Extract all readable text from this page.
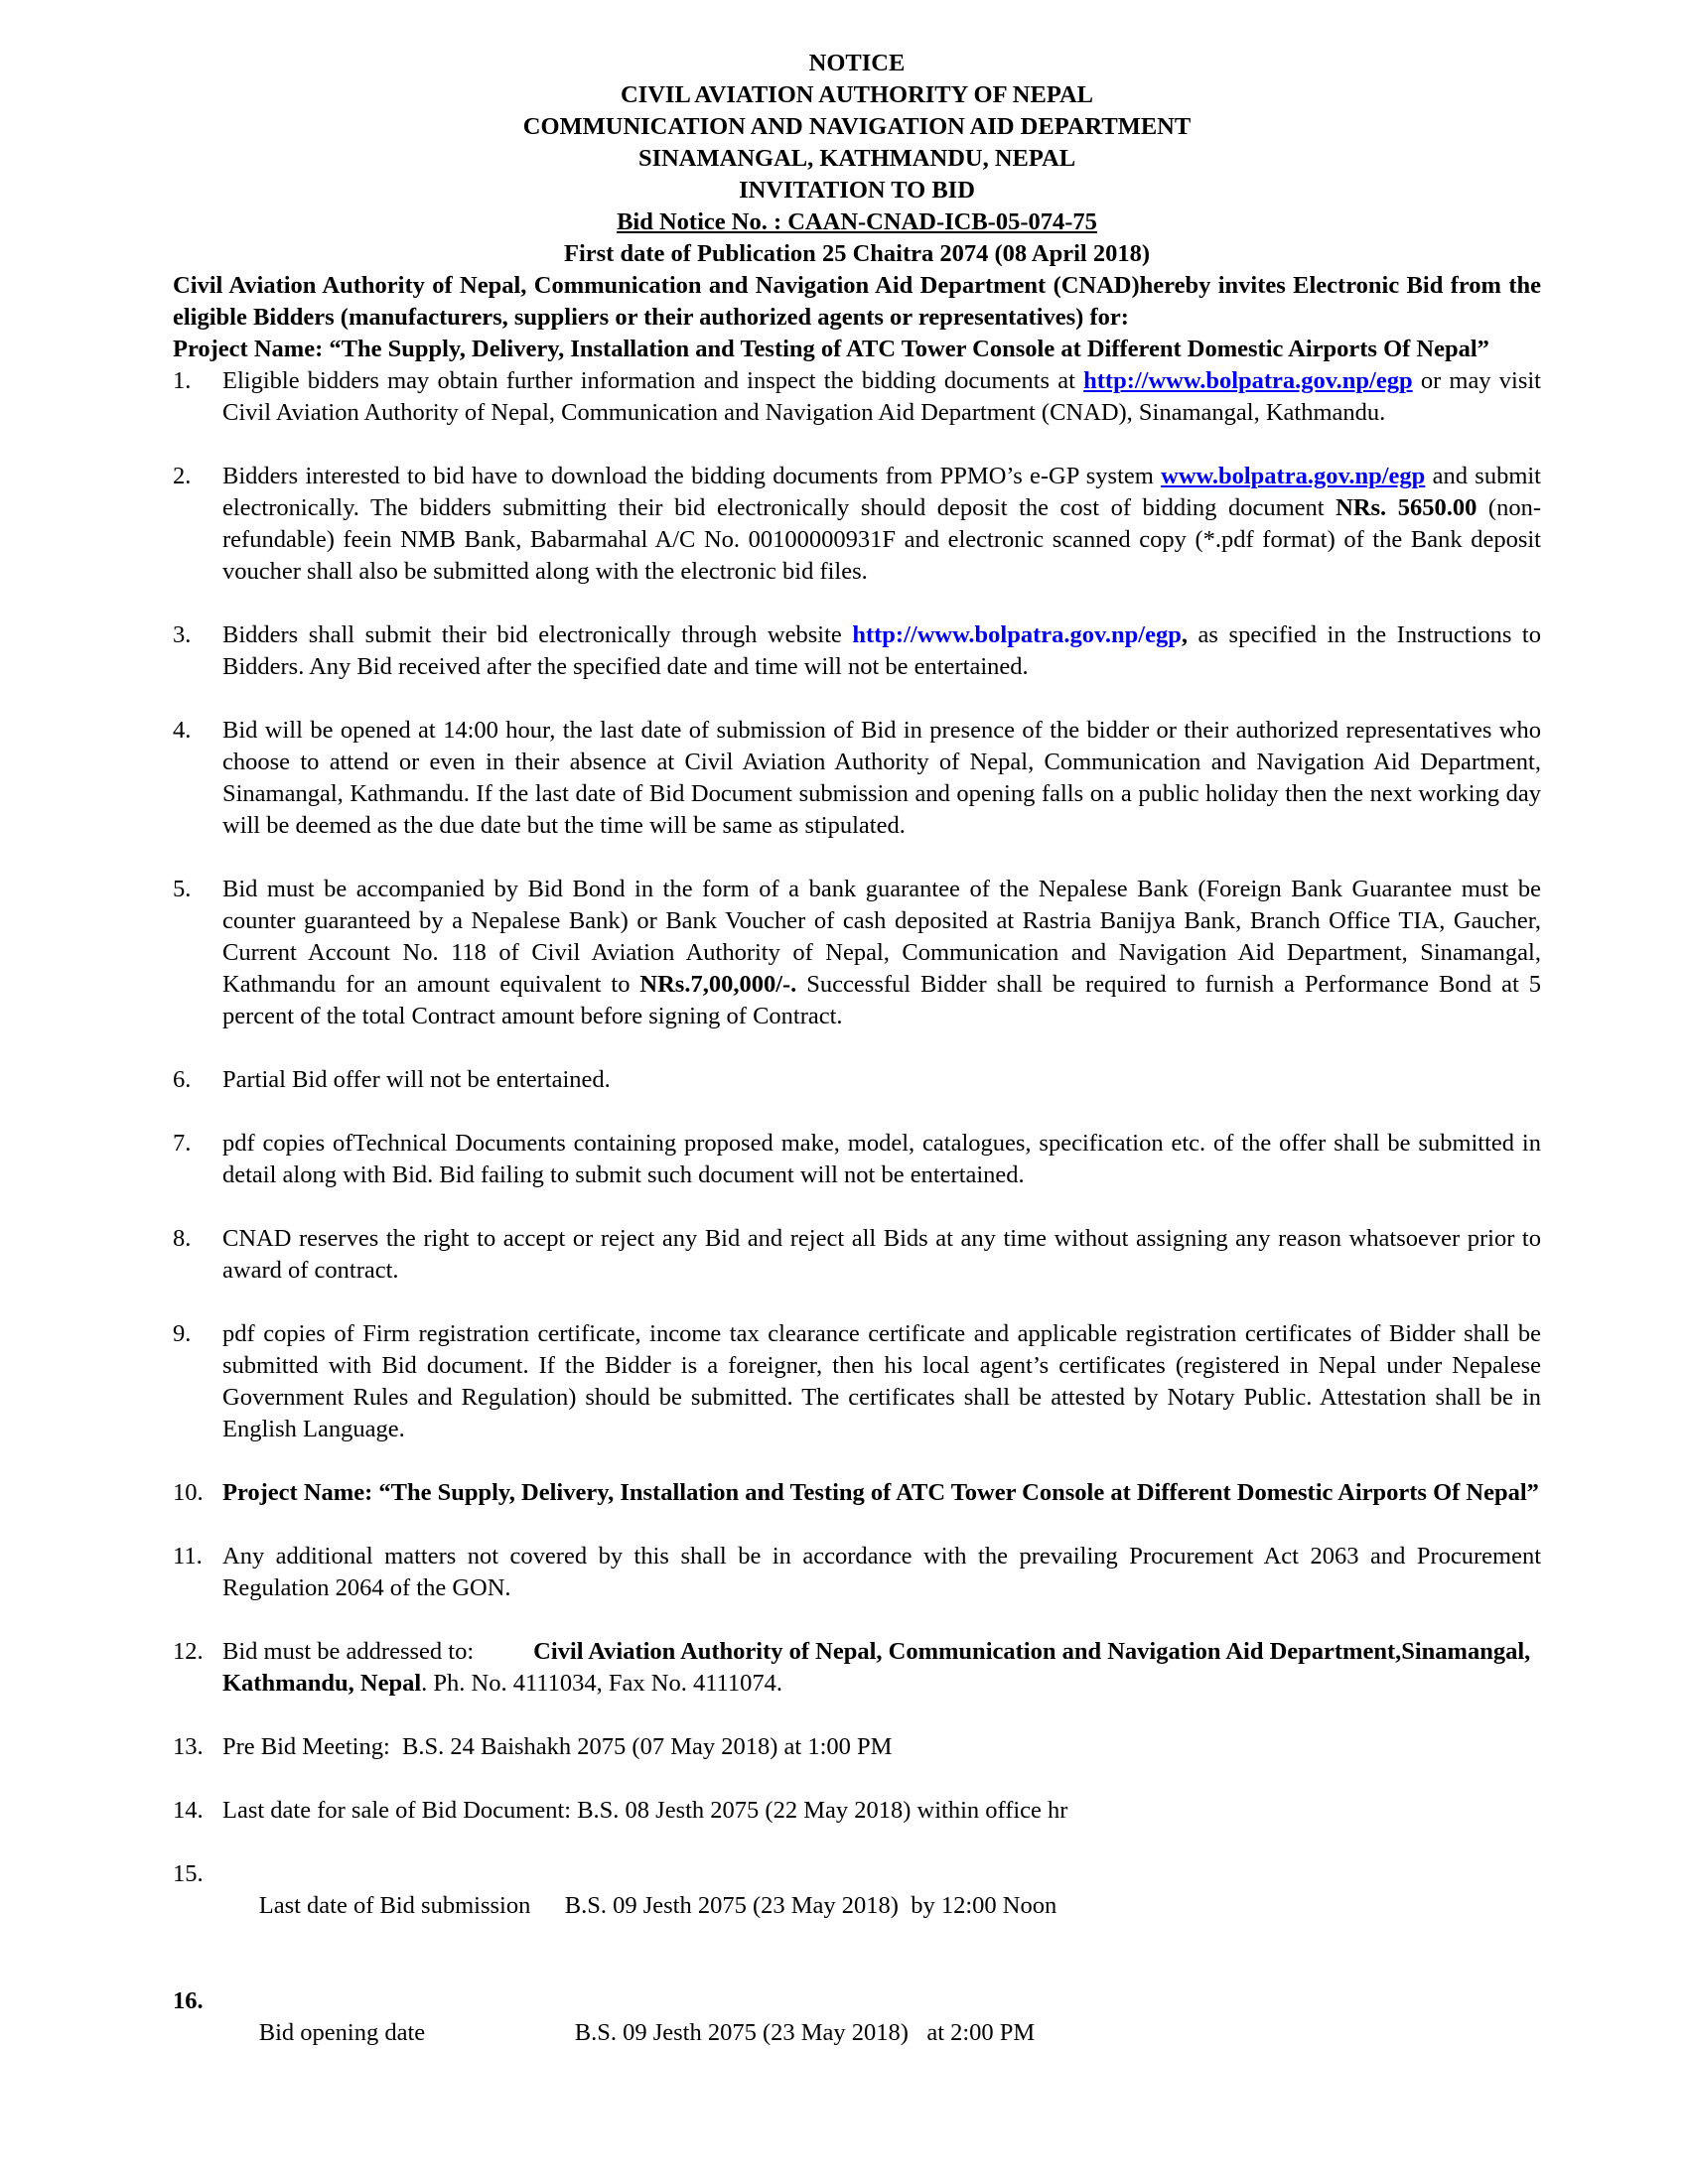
NOTICE
CIVIL AVIATION AUTHORITY OF NEPAL
COMMUNICATION AND NAVIGATION AID DEPARTMENT
SINAMANGAL, KATHMANDU, NEPAL
INVITATION TO BID
Bid Notice No. : CAAN-CNAD-ICB-05-074-75
First date of Publication 25 Chaitra 2074 (08 April 2018)
Civil Aviation Authority of Nepal, Communication and Navigation Aid Department (CNAD)hereby invites Electronic Bid from the eligible Bidders (manufacturers, suppliers or their authorized agents or representatives) for:
Project Name: “The Supply, Delivery, Installation and Testing of ATC Tower Console at Different Domestic Airports Of Nepal”
1.	Eligible bidders may obtain further information and inspect the bidding documents at http://www.bolpatra.gov.np/egp or may visit Civil Aviation Authority of Nepal, Communication and Navigation Aid Department (CNAD), Sinamangal, Kathmandu.
2.	Bidders interested to bid have to download the bidding documents from PPMO’s e-GP system www.bolpatra.gov.np/egp and submit electronically. The bidders submitting their bid electronically should deposit the cost of bidding document NRs. 5650.00 (non-refundable) feein NMB Bank, Babarmahal A/C No. 00100000931F and electronic scanned copy (*.pdf format) of the Bank deposit voucher shall also be submitted along with the electronic bid files.
3.	Bidders shall submit their bid electronically through website http://www.bolpatra.gov.np/egp, as specified in the Instructions to Bidders. Any Bid received after the specified date and time will not be entertained.
4.	Bid will be opened at 14:00 hour, the last date of submission of Bid in presence of the bidder or their authorized representatives who choose to attend or even in their absence at Civil Aviation Authority of Nepal, Communication and Navigation Aid Department, Sinamangal, Kathmandu. If the last date of Bid Document submission and opening falls on a public holiday then the next working day will be deemed as the due date but the time will be same as stipulated.
5.	Bid must be accompanied by Bid Bond in the form of a bank guarantee of the Nepalese Bank (Foreign Bank Guarantee must be counter guaranteed by a Nepalese Bank) or Bank Voucher of cash deposited at Rastria Banijya Bank, Branch Office TIA, Gaucher, Current Account No. 118 of Civil Aviation Authority of Nepal, Communication and Navigation Aid Department, Sinamangal, Kathmandu for an amount equivalent to NRs.7,00,000/-. Successful Bidder shall be required to furnish a Performance Bond at 5 percent of the total Contract amount before signing of Contract.
6.	Partial Bid offer will not be entertained.
7.	pdf copies ofTechnical Documents containing proposed make, model, catalogues, specification etc. of the offer shall be submitted in detail along with Bid. Bid failing to submit such document will not be entertained.
8.	CNAD reserves the right to accept or reject any Bid and reject all Bids at any time without assigning any reason whatsoever prior to award of contract.
9.	pdf copies of Firm registration certificate, income tax clearance certificate and applicable registration certificates of Bidder shall be submitted with Bid document. If the Bidder is a foreigner, then his local agent’s certificates (registered in Nepal under Nepalese Government Rules and Regulation) should be submitted. The certificates shall be attested by Notary Public. Attestation shall be in English Language.
10. Project Name: “The Supply, Delivery, Installation and Testing of ATC Tower Console at Different Domestic Airports Of Nepal”
11. Any additional matters not covered by this shall be in accordance with the prevailing Procurement Act 2063 and Procurement Regulation 2064 of the GON.
12. Bid must be addressed to: Civil Aviation Authority of Nepal, Communication and Navigation Aid Department,Sinamangal, Kathmandu, Nepal. Ph. No. 4111034, Fax No. 4111074.
13. Pre Bid Meeting:  B.S. 24 Baishakh 2075 (07 May 2018) at 1:00 PM
14. Last date for sale of Bid Document: B.S. 08 Jesth 2075 (22 May 2018) within office hr
15.

Last date of Bid submission B.S. 09 Jesth 2075 (23 May 2018)  by 12:00 Noon

16.

Bid opening date	B.S. 09 Jesth 2075 (23 May 2018)   at 2:00 PM
